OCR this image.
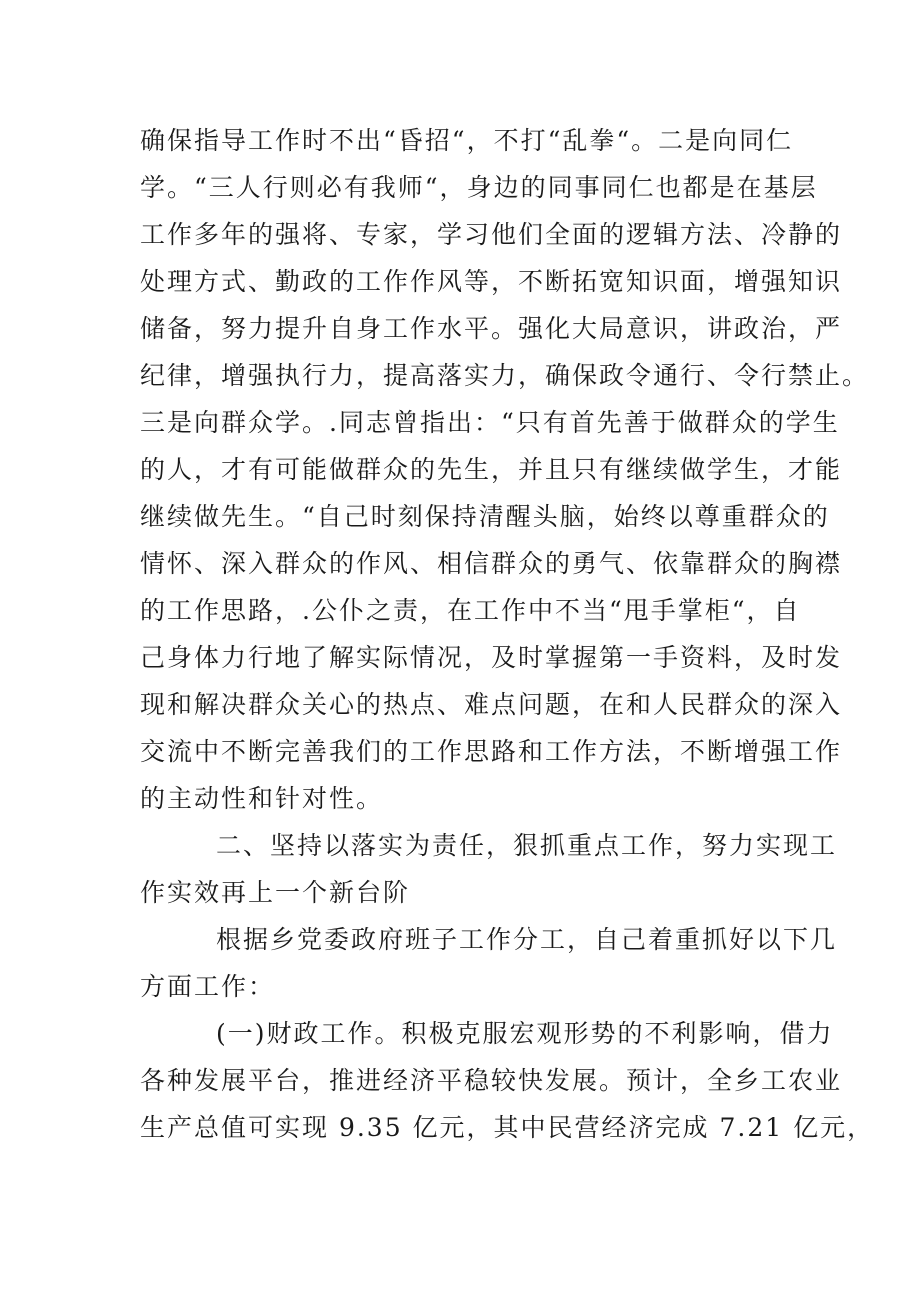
确保指导工作时不出“昏招“，不打“乱拳“。二是向同仁
学。“三人行则必有我师“，身边的同事同仁也都是在基层
工作多年的强将、专家，学习他们全面的逻辑方法、冷静的
处理方式、勤政的工作作风等，不断拓宽知识面，增强知识
储备，努力提升自身工作水平。强化大局意识，讲政治，严
纪律，增强执行力，提高落实力，确保政令通行、令行禁止。
三是向群众学。.同志曾指出：“只有首先善于做群众的学生
的人，才有可能做群众的先生，并且只有继续做学生，才能
继续做先生。“自己时刻保持清醒头脑，始终以尊重群众的
情怀、深入群众的作风、相信群众的勇气、依靠群众的胸襟
的工作思路，.公仆之责，在工作中不当“甩手掌柜“，自
己身体力行地了解实际情况，及时掌握第一手资料，及时发
现和解决群众关心的热点、难点问题，在和人民群众的深入
交流中不断完善我们的工作思路和工作方法，不断增强工作
的主动性和针对性。
二、坚持以落实为责任，狠抓重点工作，努力实现工
作实效再上一个新台阶
根据乡党委政府班子工作分工，自己着重抓好以下几
方面工作：
(一)财政工作。积极克服宏观形势的不利影响，借力
各种发展平台，推进经济平稳较快发展。预计，全乡工农业
生产总值可实现 9.35 亿元，其中民营经济完成 7.21 亿元，
